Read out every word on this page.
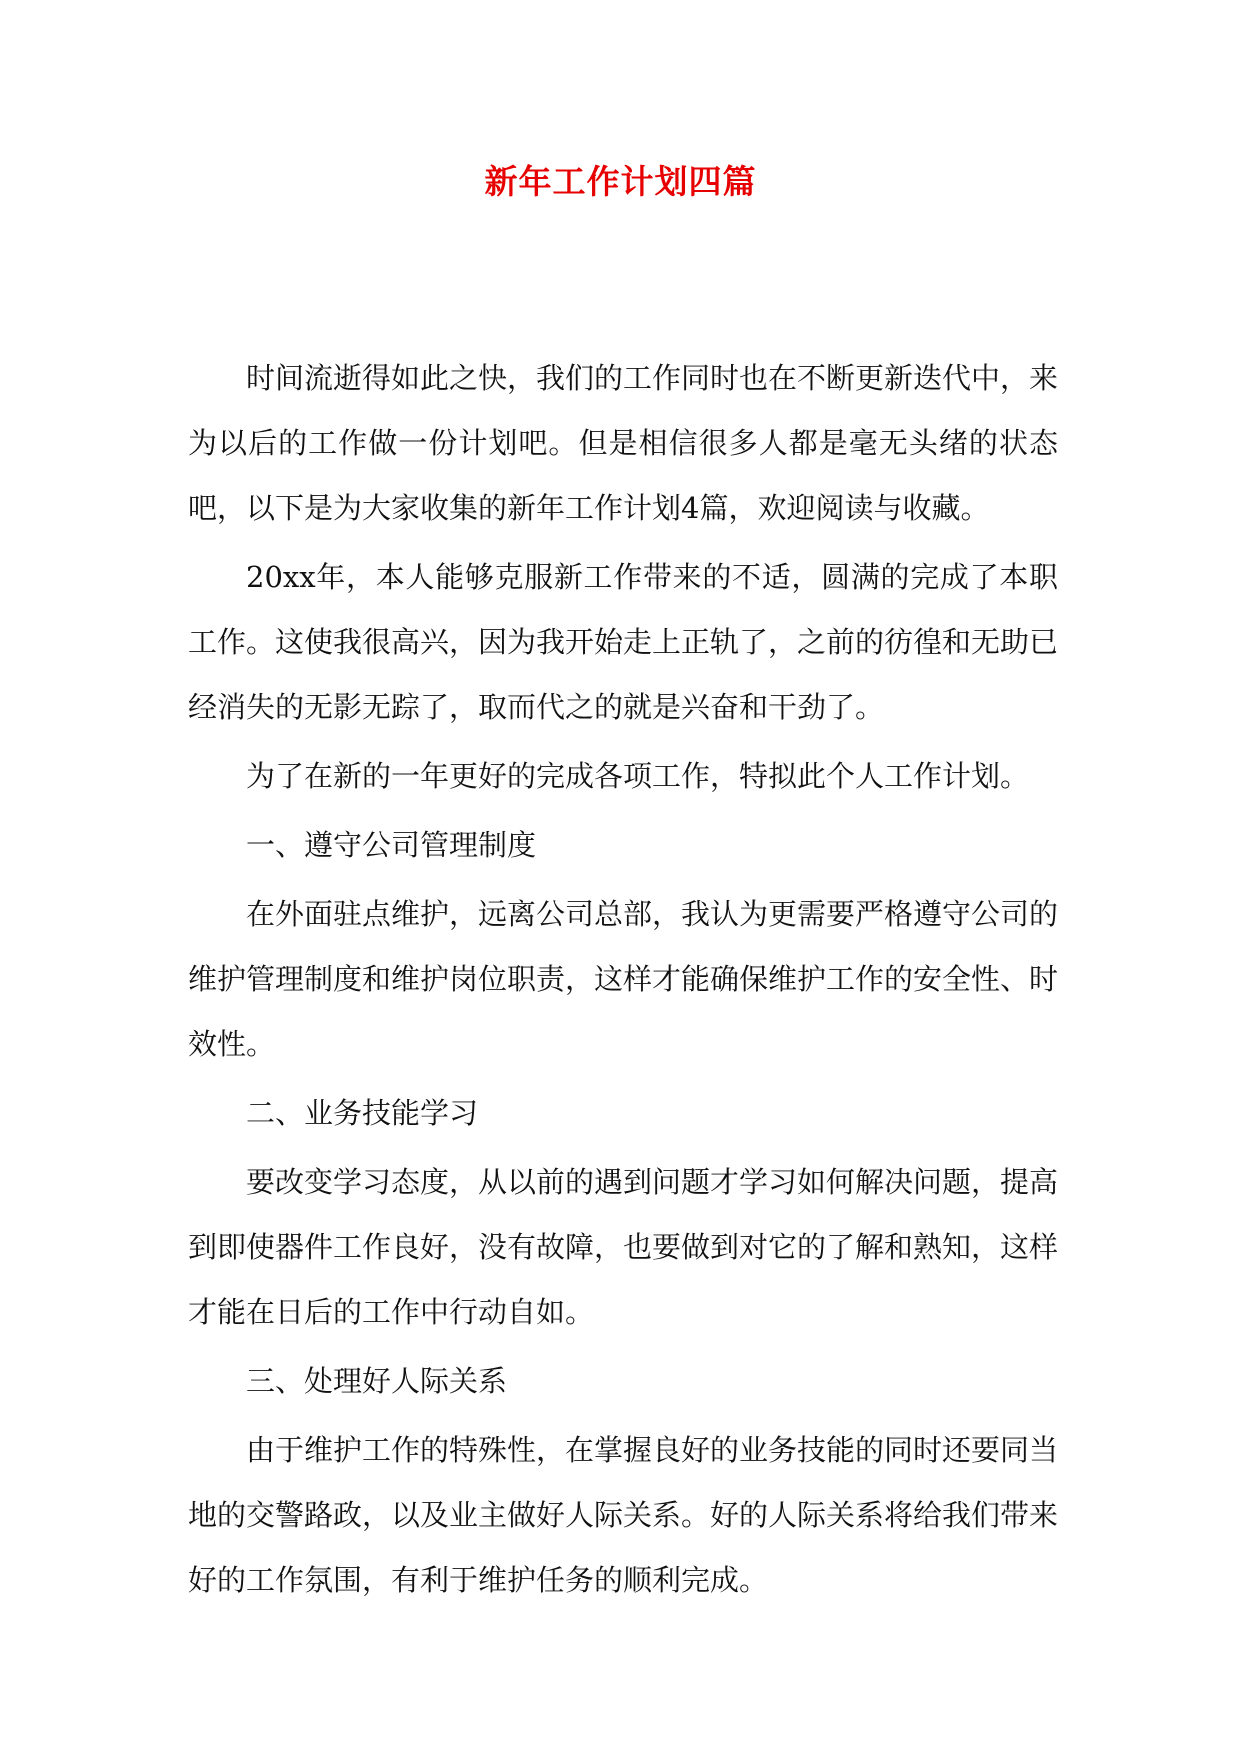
新年工作计划四篇

时间流逝得如此之快，我们的工作同时也在不断更新迭代中，来为以后的工作做一份计划吧。但是相信很多人都是毫无头绪的状态吧，以下是为大家收集的新年工作计划4篇，欢迎阅读与收藏。

20xx年，本人能够克服新工作带来的不适，圆满的完成了本职工作。这使我很高兴，因为我开始走上正轨了，之前的彷徨和无助已经消失的无影无踪了，取而代之的就是兴奋和干劲了。

为了在新的一年更好的完成各项工作，特拟此个人工作计划。

一、遵守公司管理制度

在外面驻点维护，远离公司总部，我认为更需要严格遵守公司的维护管理制度和维护岗位职责，这样才能确保维护工作的安全性、时效性。

二、业务技能学习

要改变学习态度，从以前的遇到问题才学习如何解决问题，提高到即使器件工作良好，没有故障，也要做到对它的了解和熟知，这样才能在日后的工作中行动自如。

三、处理好人际关系

由于维护工作的特殊性，在掌握良好的业务技能的同时还要同当地的交警路政，以及业主做好人际关系。好的人际关系将给我们带来好的工作氛围，有利于维护任务的顺利完成。
